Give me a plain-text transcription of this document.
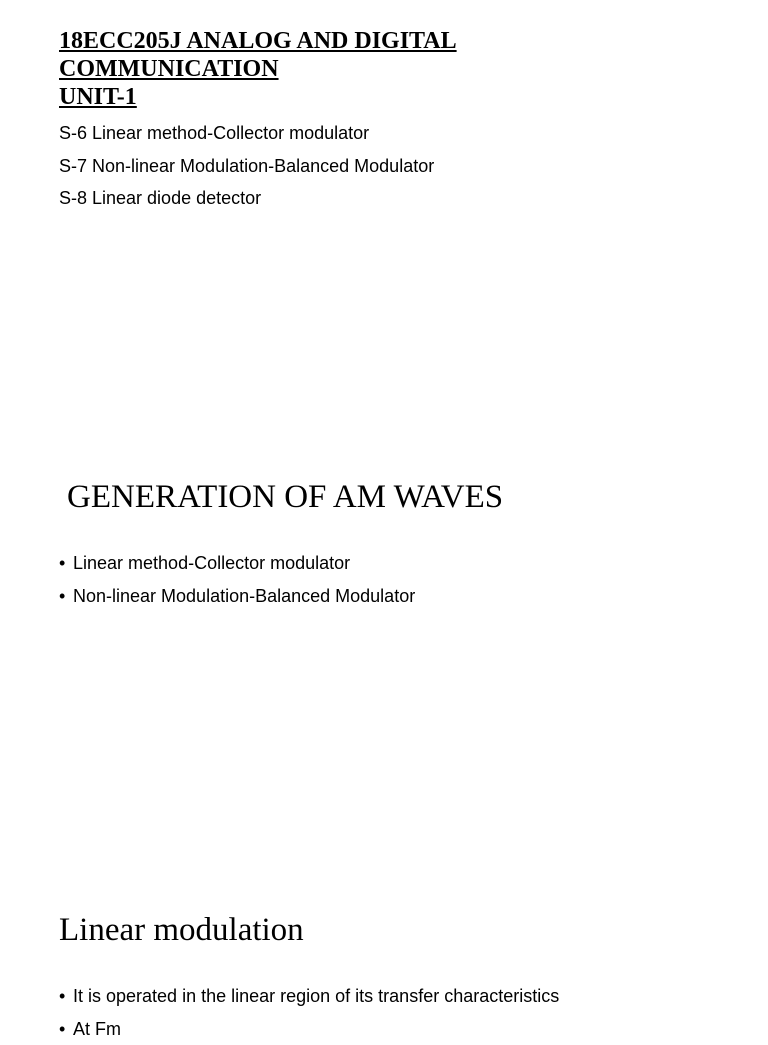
18ECC205J ANALOG AND DIGITAL
COMMUNICATION
UNIT-1
S-6 Linear method-Collector modulator
S-7 Non-linear Modulation-Balanced Modulator
S-8 Linear diode detector
GENERATION OF AM WAVES
• Linear method-Collector modulator
• Non-linear Modulation-Balanced Modulator
Linear modulation
• It is operated in the linear region of its transfer characteristics
• At Fm
